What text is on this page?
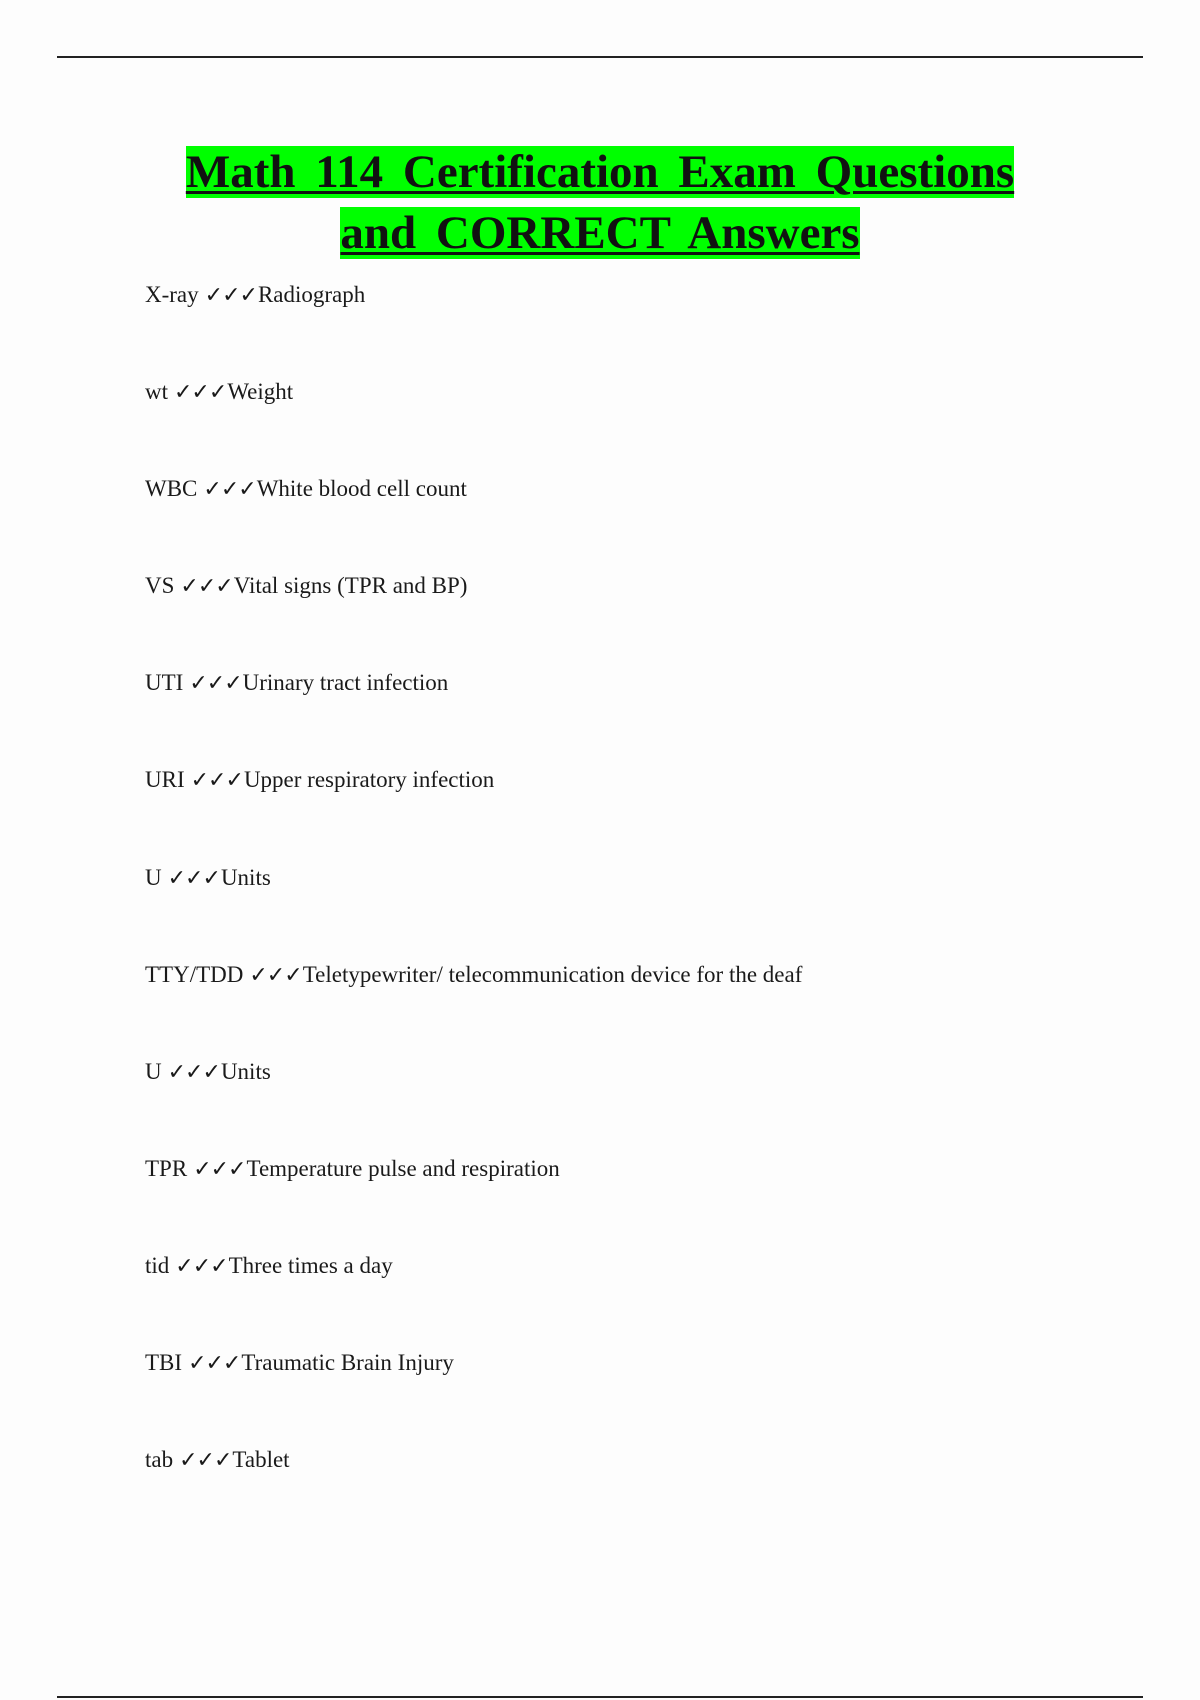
Math 114 Certification Exam Questions and CORRECT Answers
X-ray ✓✓✓Radiograph
wt ✓✓✓Weight
WBC ✓✓✓White blood cell count
VS ✓✓✓Vital signs (TPR and BP)
UTI ✓✓✓Urinary tract infection
URI ✓✓✓Upper respiratory infection
U ✓✓✓Units
TTY/TDD ✓✓✓Teletypewriter/ telecommunication device for the deaf
U ✓✓✓Units
TPR ✓✓✓Temperature pulse and respiration
tid ✓✓✓Three times a day
TBI ✓✓✓Traumatic Brain Injury
tab ✓✓✓Tablet
